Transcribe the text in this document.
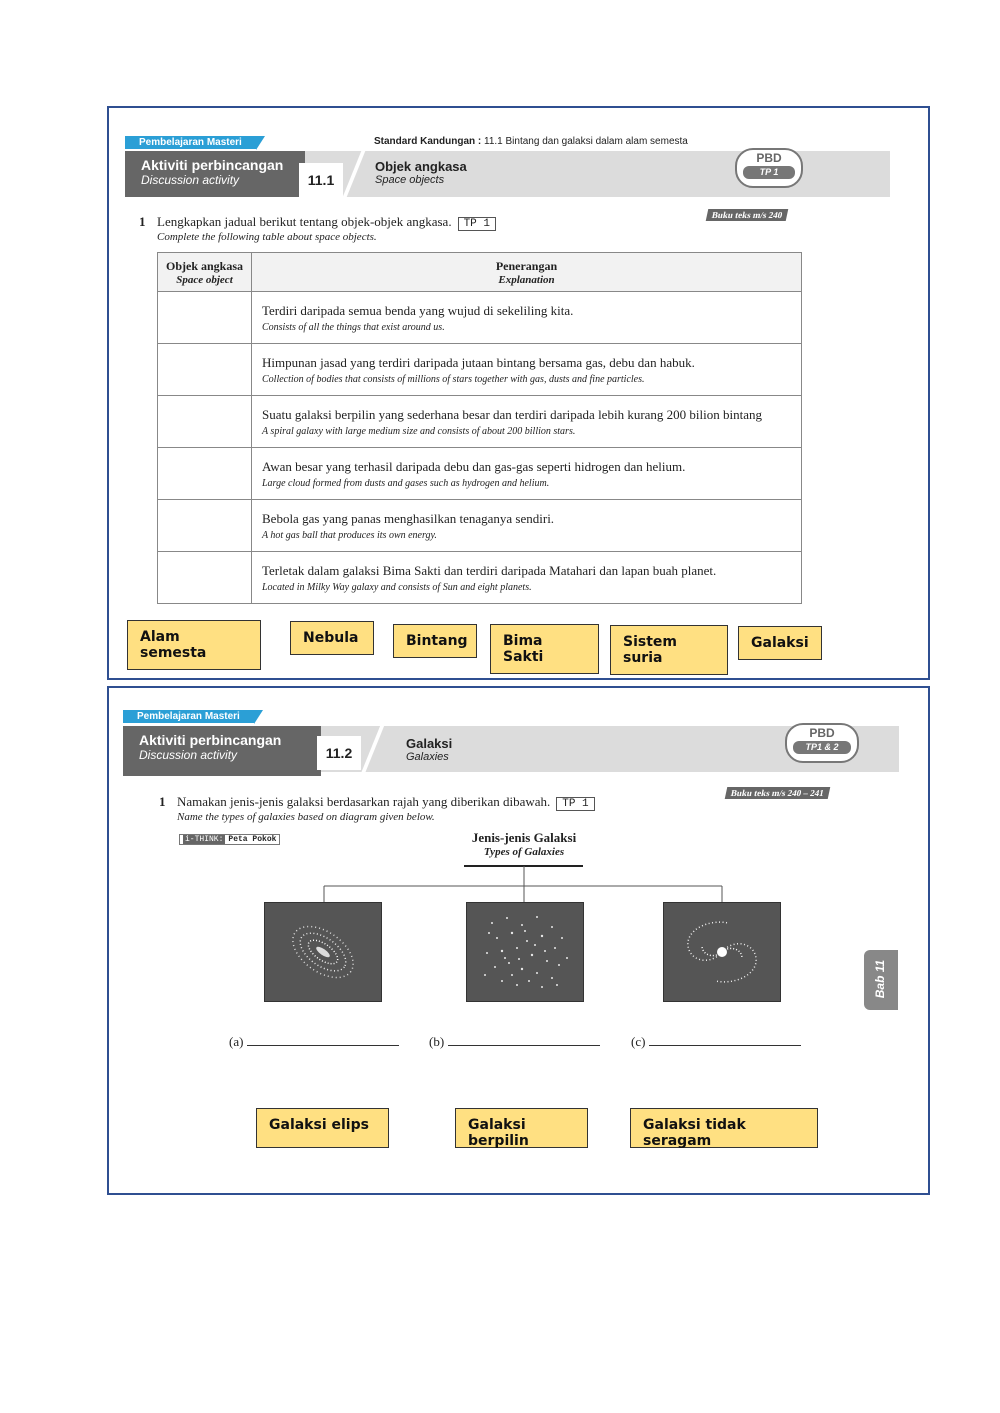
Pembelajaran Masteri	Standard Kandungan : 11.1 Bintang dan galaksi dalam alam semesta
Aktiviti perbincangan
Discussion activity	11.1
Objek angkasa
Space objects
PBD
TP 1
Buku teks m/s 240
1 Lengkapkan jadual berikut tentang objek-objek angkasa. TP 1
Complete the following table about space objects.
Objek angkasa
Space object	Penerangan
Explanation

	Terdiri daripada semua benda yang wujud di sekeliling kita.
Consists of all the things that exist around us.

	Himpunan jasad yang terdiri daripada jutaan bintang bersama gas, debu dan habuk.
Collection of bodies that consists of millions of stars together with gas, dusts and fine particles.

	Suatu galaksi berpilin yang sederhana besar dan terdiri daripada lebih kurang 200 bilion bintang
A spiral galaxy with large medium size and consists of about 200 billion stars.

	Awan besar yang terhasil daripada debu dan gas-gas seperti hidrogen dan helium.
Large cloud formed from dusts and gases such as hydrogen and helium.

	Bebola gas yang panas menghasilkan tenaganya sendiri.
A hot gas ball that produces its own energy.

	Terletak dalam galaksi Bima Sakti dan terdiri daripada Matahari dan lapan buah planet.
Located in Milky Way galaxy and consists of Sun and eight planets.
Alam semesta
Nebula	Bintang	Bima Sakti
Sistem suria
Galaksi
Pembelajaran Masteri
Aktiviti perbincangan
Discussion activity	11.2
Galaksi
Galaxies
PBD
TP1 & 2
Buku teks m/s 240 – 241
1 Namakan jenis-jenis galaksi berdasarkan rajah yang diberikan dibawah. TP 1
Name the types of galaxies based on diagram given below.
i-THINK: Peta Pokok	Jenis-jenis Galaksi
Types of Galaxies
(a)	(b)	(c)
Bab 11
Galaksi elips	Galaksi berpilin
Galaksi tidak seragam
